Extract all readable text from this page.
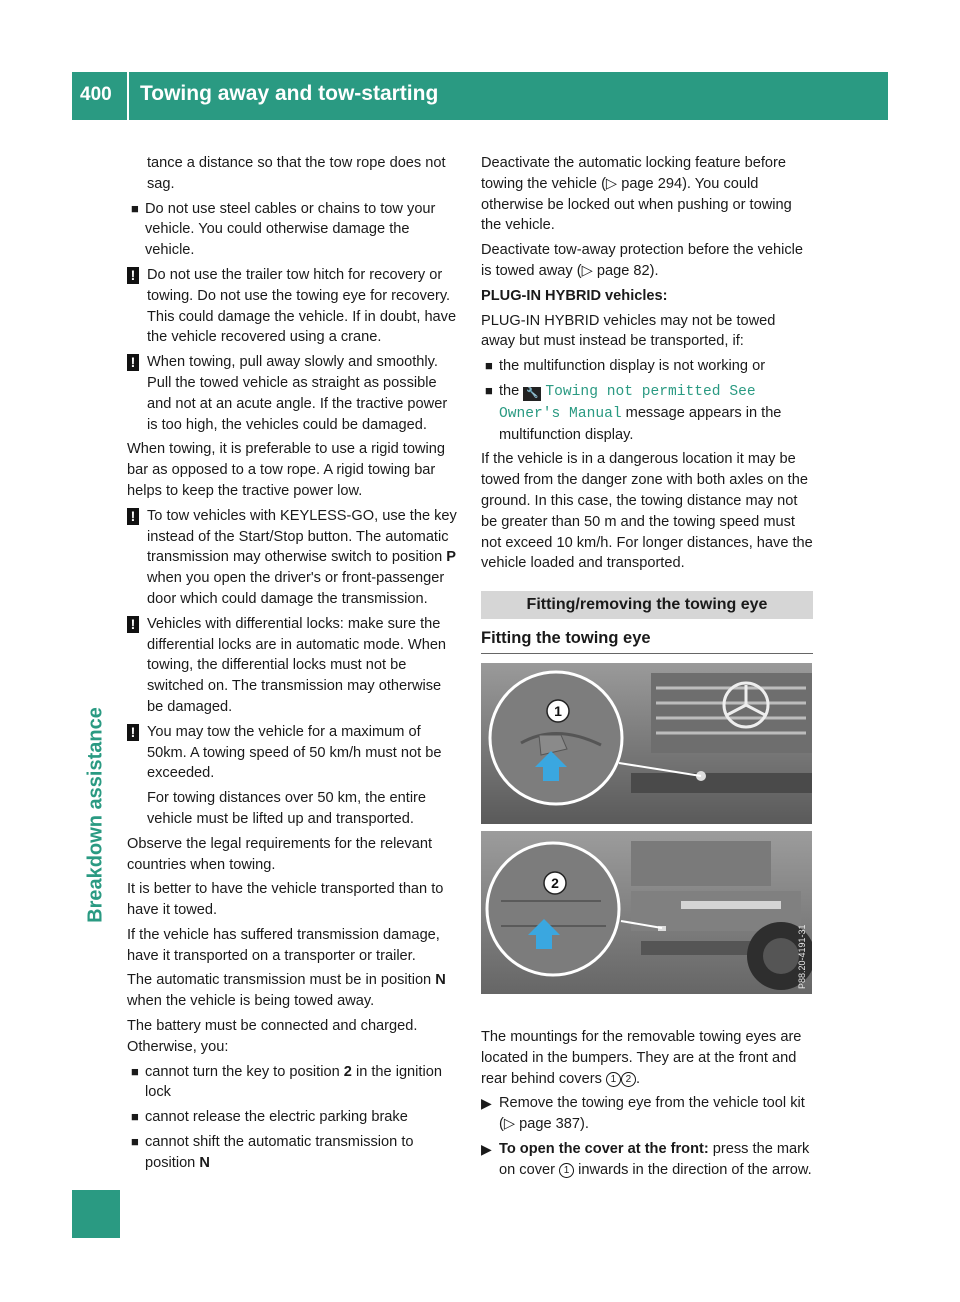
400	Towing away and tow-starting
Breakdown assistance

tance a distance so that the tow rope does not sag.

■ Do not use steel cables or chains to tow your vehicle. You could otherwise damage the vehicle.

! Do not use the trailer tow hitch for recovery or towing. Do not use the towing eye for recovery. This could damage the vehicle. If in doubt, have the vehicle recovered using a crane.

! When towing, pull away slowly and smoothly. Pull the towed vehicle as straight as possible and not at an acute angle. If the tractive power is too high, the vehicles could be damaged.

When towing, it is preferable to use a rigid towing bar as opposed to a tow rope. A rigid towing bar helps to keep the tractive power low.

! To tow vehicles with KEYLESS-GO, use the key instead of the Start/Stop button. The automatic transmission may otherwise switch to position P when you open the driver's or front-passenger door which could damage the transmission.

! Vehicles with differential locks: make sure the differential locks are in automatic mode. When towing, the differential locks must not be switched on. The transmission may otherwise be damaged.

! You may tow the vehicle for a maximum of 50km. A towing speed of 50 km/h must not be exceeded.

For towing distances over 50 km, the entire vehicle must be lifted up and transported.

Observe the legal requirements for the relevant countries when towing.

It is better to have the vehicle transported than to have it towed.

If the vehicle has suffered transmission damage, have it transported on a transporter or trailer.

The automatic transmission must be in position N when the vehicle is being towed away.

The battery must be connected and charged.

Otherwise, you:

■ cannot turn the key to position 2 in the ignition lock

■ cannot release the electric parking brake

■ cannot shift the automatic transmission to position N

Deactivate the automatic locking feature before towing the vehicle (▷ page 294). You could otherwise be locked out when pushing or towing the vehicle.

Deactivate tow-away protection before the vehicle is towed away (▷ page 82).

PLUG-IN HYBRID vehicles:

PLUG-IN HYBRID vehicles may not be towed away but must instead be transported, if:

■ the multifunction display is not working or

■ the 🔧 Towing not permitted See Owner's Manual message appears in the multifunction display.

If the vehicle is in a dangerous location it may be towed from the danger zone with both axles on the ground. In this case, the towing distance may not be greater than 50 m and the towing speed must not exceed 10 km/h. For longer distances, have the vehicle loaded and transported.

Fitting/removing the towing eye
Fitting the towing eye
1
2
P88.20-4191-31

The mountings for the removable towing eyes are located in the bumpers. They are at the front and rear behind covers 1 2 .

▶ Remove the towing eye from the vehicle tool kit (▷ page 387).

▶ To open the cover at the front: press the mark on cover 1 inwards in the direction of the arrow.
